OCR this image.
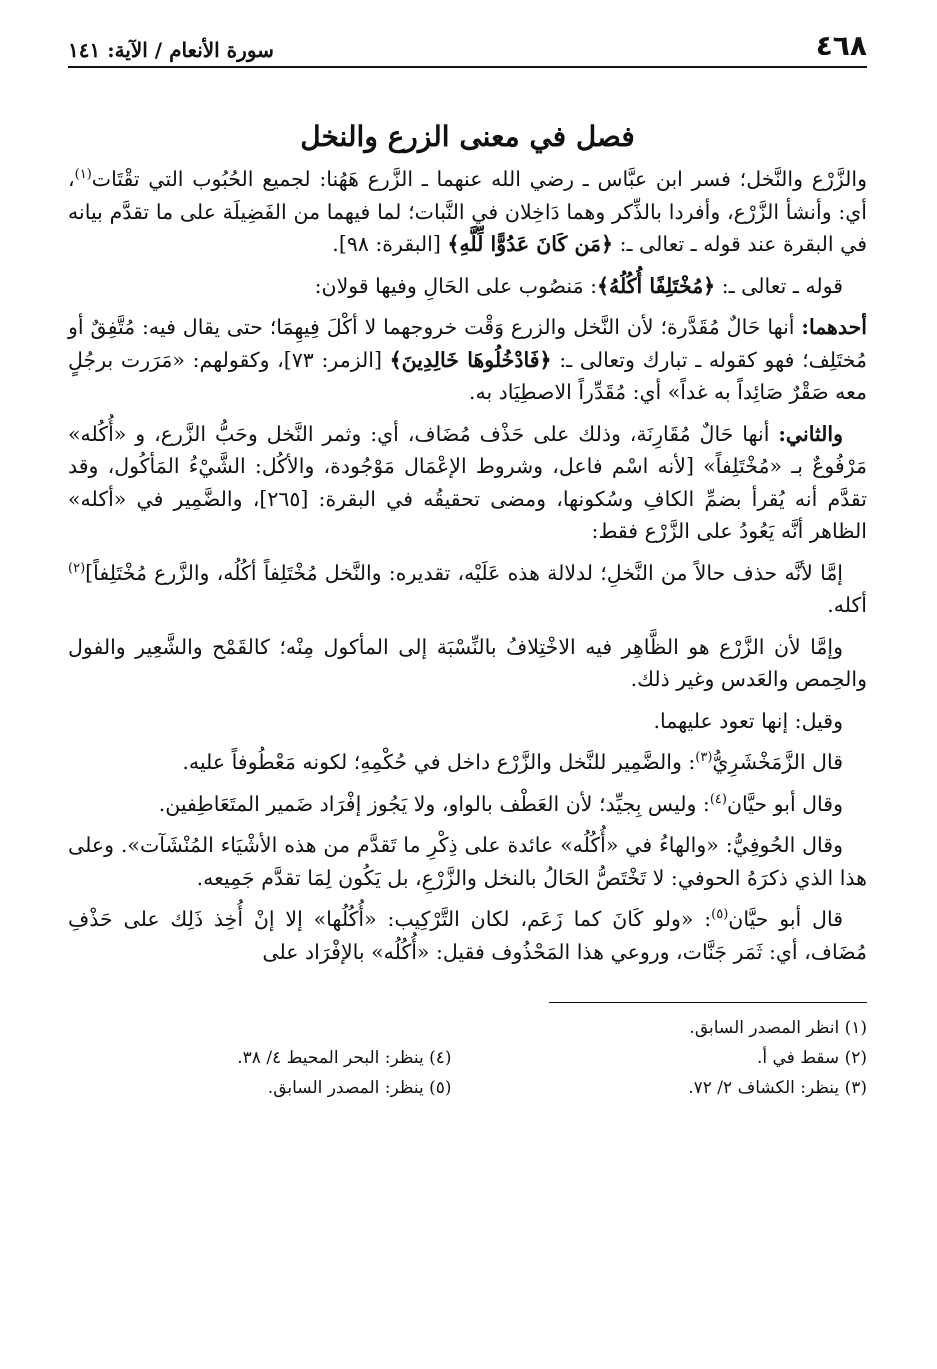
٤٦٨
سورة الأنعام / الآية: ١٤١
فصل في معنى الزرع والنخل

والزَّرْع والنَّخل؛ فسر ابن عبَّاس ـ رضي الله عنهما ـ الزَّرع هَهُنا: لجميع الحُبُوب التي تقْتَات$^{(١)}$، أي: وأنشأ الزَّرْع، وأفردا بالذِّكر وهما دَاخِلان في النَّبات؛ لما فيهما من الفَضِيلَة على ما تقدَّم بيانه في البقرة عند قوله ـ تعالى ـ: ﴿مَن كَانَ عَدُوًّا لِّلَّهِ﴾ [البقرة: ٩٨].

قوله ـ تعالى ـ: ﴿مُخْتَلِفًا أُكُلُهُ﴾: مَنصُوب على الحَالِ وفيها قولان:

أحدهما: أنها حَالٌ مُقَدَّرة؛ لأن النَّخل والزرع وَقْت خروجهما لا أكْلَ فِيهِمَا؛ حتى يقال فيه: مُتَّفِقٌ أو مُختَلِف؛ فهو كقوله ـ تبارك وتعالى ـ: ﴿فَادْخُلُوهَا خَالِدِينَ﴾ [الزمر: ٧٣]، وكقولهم: «مَرَرت برجُلٍ معه صَقْرٌ صَائِداً به غداً» أي: مُقَدِّراً الاصطِيَاد به.

والثاني: أنها حَالٌ مُقَارِنَة، وذلك على حَذْف مُضَاف، أي: وثمر النَّخل وحَبُّ الزَّرع، و «أُكُله» مَرْفُوعٌ بـ «مُخْتَلِفاً» [لأنه اسْم فاعل، وشروط الإعْمَال مَوْجُودة، والأكُل: الشَّيْءُ المَأكُول، وقد تقدَّم أنه يُقرأ بضمِّ الكافِ وسُكونها، ومضى تحقيقُه في البقرة: [٢٦٥]، والضَّمِير في «أكله» الظاهر أنَّه يَعُودُ على الزَّرْع فقط:

إمَّا لأنَّه حذف حالاً من النَّخلِ؛ لدلالة هذه عَلَيْه، تقديره: والنَّخل مُخْتَلِفاً أكُلُه، والزَّرع مُخْتَلِفاً]$^{(٢)}$ أكله.

وإمَّا لأن الزَّرْع هو الظَّاهِر فيه الاخْتِلافُ بالنِّسْبَة إلى المأكول مِنْه؛ كالقَمْح والشَّعِير والفول والحِمص والعَدس وغير ذلك.

وقيل: إنها تعود عليهما.

قال الزَّمَخْشَرِيُّ$^{(٣)}$: والضَّمِير للنَّخل والزَّرْع داخل في حُكْمِهِ؛ لكونه مَعْطُوفاً عليه.

وقال أبو حيَّان$^{(٤)}$: وليس بِجيِّد؛ لأن العَطْف بالواو، ولا يَجُوز إفْرَاد ضَمير المتَعَاطِفين.

وقال الحُوفِيُّ: «والهاءُ في «أُكُلُه» عائدة على ذِكْرِ ما تَقدَّم من هذه الأشْيَاء المُنْشَآت». وعلى هذا الذي ذكرَهُ الحوفي: لا تَخْتَصُّ الحَالُ بالنخل والزَّرْعِ، بل يَكُون لِمَا تقدَّم جَمِيعه.

قال أبو حيَّان$^{(٥)}$: «ولو كَانَ كما زَعَم، لكان التَّرْكِيب: «أُكُلُها» إلا إنْ أُخِذ ذَلِك على حَذْفِ مُضَاف، أي: ثَمَر جَنَّات، وروعي هذا المَحْذُوف فقيل: «أُكُلُه» بالإفْرَاد على

(١) انظر المصدر السابق.
(٢) سقط في أ.
(٣) ينظر: الكشاف ٢/ ٧٢.
(٤) ينظر: البحر المحيط ٤/ ٣٨.
(٥) ينظر: المصدر السابق.
